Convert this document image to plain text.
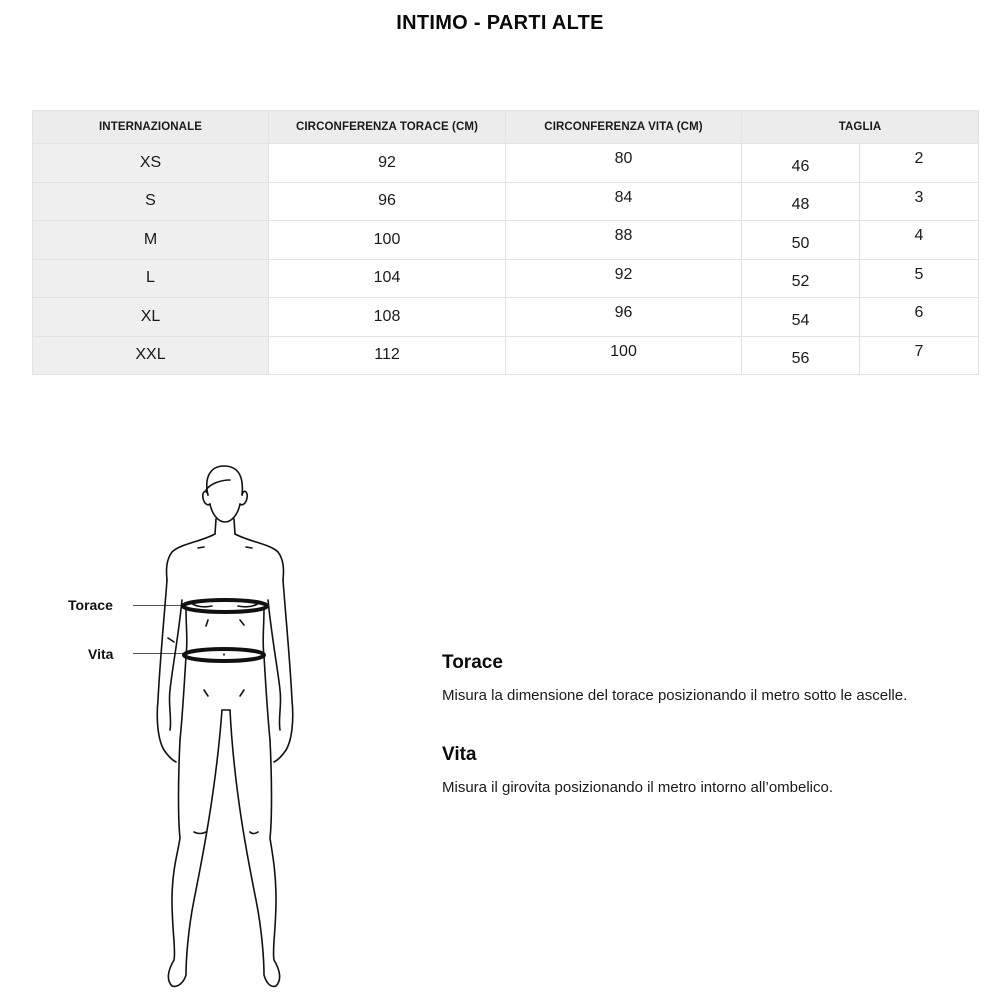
INTIMO - PARTI ALTE
INTERNAZIONALE	CIRCONFERENZA TORACE (CM)	CIRCONFERENZA VITA (CM)	TAGLIA	
XS	92	80	46	2
S	96	84	48	3
M	100	88	50	4
L	104	92	52	5
XL	108	96	54	6
XXL	112	100	56	7
Torace
Vita	Torace

Misura la dimensione del torace posizionando il metro sotto le ascelle.

Vita

Misura il girovita posizionando il metro intorno all’ombelico.
